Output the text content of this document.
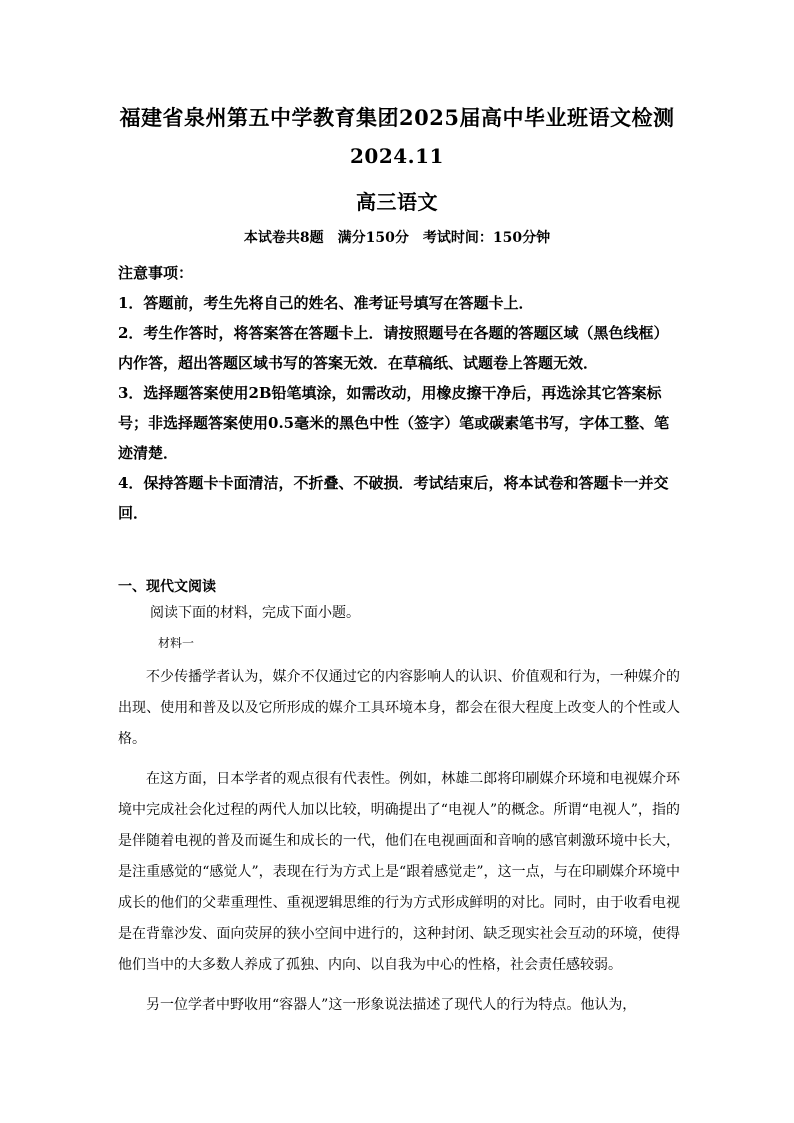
福建省泉州第五中学教育集团2025届高中毕业班语文检测
2024.11
高三语文
本试卷共8题　满分150分　考试时间：150分钟

注意事项：

1．答题前，考生先将自己的姓名、准考证号填写在答题卡上．

2．考生作答时，将答案答在答题卡上．请按照题号在各题的答题区域（黑色线框）内作答，超出答题区域书写的答案无效．在草稿纸、试题卷上答题无效．

3．选择题答案使用2B铅笔填涂，如需改动，用橡皮擦干净后，再选涂其它答案标号；非选择题答案使用0.5毫米的黑色中性（签字）笔或碳素笔书写，字体工整、笔迹清楚．

4．保持答题卡卡面清洁，不折叠、不破损．考试结束后，将本试卷和答题卡一并交回．

一、现代文阅读
阅读下面的材料，完成下面小题。
材料一

不少传播学者认为，媒介不仅通过它的内容影响人的认识、价值观和行为，一种媒介的出现、使用和普及以及它所形成的媒介工具环境本身，都会在很大程度上改变人的个性或人格。

在这方面，日本学者的观点很有代表性。例如，林雄二郎将印刷媒介环境和电视媒介环境中完成社会化过程的两代人加以比较，明确提出了“电视人”的概念。所谓“电视人”，指的是伴随着电视的普及而诞生和成长的一代，他们在电视画面和音响的感官刺激环境中长大，是注重感觉的“感觉人”，表现在行为方式上是“跟着感觉走”，这一点，与在印刷媒介环境中成长的他们的父辈重理性、重视逻辑思维的行为方式形成鲜明的对比。同时，由于收看电视是在背靠沙发、面向荧屏的狭小空间中进行的，这种封闭、缺乏现实社会互动的环境，使得他们当中的大多数人养成了孤独、内向、以自我为中心的性格，社会责任感较弱。

另一位学者中野收用“容器人”这一形象说法描述了现代人的行为特点。他认为，
